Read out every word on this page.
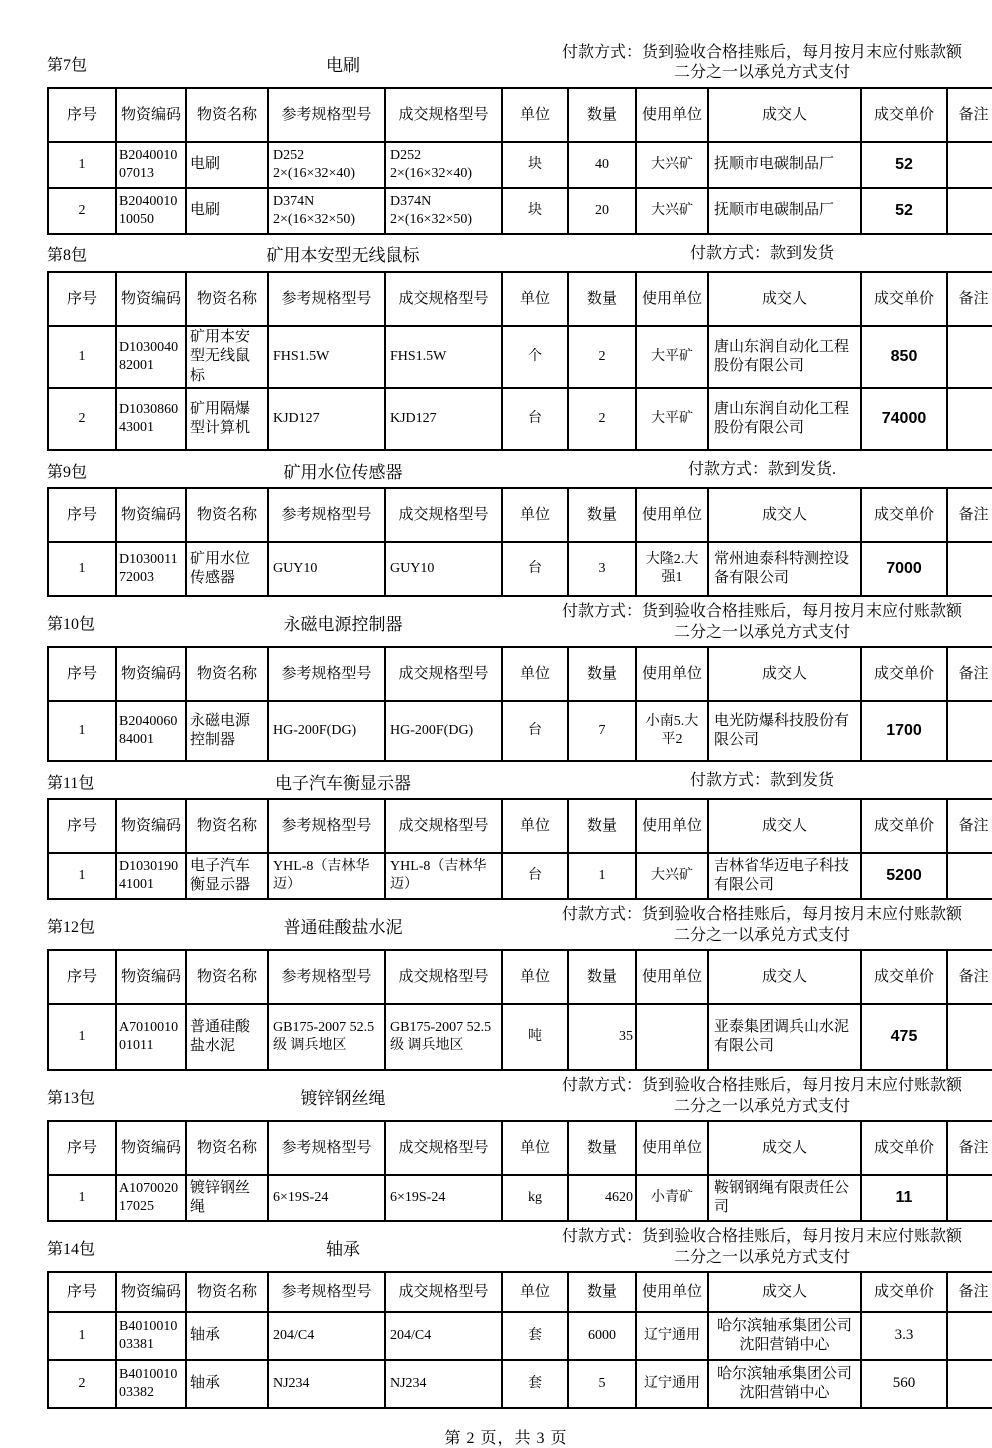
第7包	电刷
付款方式：货到验收合格挂账后，每月按月末应付账款额二分之一以承兑方式支付
序号	物资编码	物资名称	参考规格型号	成交规格型号	单位	数量	使用单位	成交人	成交单价	备注
1	B204001007013	电刷	D252 2×(16×32×40)	D252 2×(16×32×40)	块	40	大兴矿	抚顺市电碳制品厂	52	
2	B204001010050	电刷	D374N 2×(16×32×50)	D374N 2×(16×32×50)	块	20	大兴矿	抚顺市电碳制品厂	52	
第8包	矿用本安型无线鼠标	付款方式：款到发货
序号	物资编码	物资名称	参考规格型号	成交规格型号	单位	数量	使用单位	成交人	成交单价	备注
1	D103004082001	矿用本安型无线鼠标	FHS1.5W	FHS1.5W	个	2	大平矿	唐山东润自动化工程股份有限公司	850	
2	D103086043001	矿用隔爆型计算机	KJD127	KJD127	台	2	大平矿	唐山东润自动化工程股份有限公司	74000	
第9包	矿用水位传感器	付款方式：款到发货.
序号	物资编码	物资名称	参考规格型号	成交规格型号	单位	数量	使用单位	成交人	成交单价	备注
1	D103001172003	矿用水位传感器	GUY10	GUY10	台	3	大隆2.大强1	常州迪泰科特测控设备有限公司	7000	
第10包	永磁电源控制器
付款方式：货到验收合格挂账后，每月按月末应付账款额二分之一以承兑方式支付
序号	物资编码	物资名称	参考规格型号	成交规格型号	单位	数量	使用单位	成交人	成交单价	备注
1	B204006084001	永磁电源控制器	HG-200F(DG)	HG-200F(DG)	台	7	小南5.大平2	电光防爆科技股份有限公司	1700	
第11包	电子汽车衡显示器	付款方式：款到发货
序号	物资编码	物资名称	参考规格型号	成交规格型号	单位	数量	使用单位	成交人	成交单价	备注
1	D103019041001	电子汽车衡显示器	YHL-8（吉林华迈）	YHL-8（吉林华迈）	台	1	大兴矿	吉林省华迈电子科技有限公司	5200	
第12包	普通硅酸盐水泥
付款方式：货到验收合格挂账后，每月按月末应付账款额二分之一以承兑方式支付
序号	物资编码	物资名称	参考规格型号	成交规格型号	单位	数量	使用单位	成交人	成交单价	备注
1	A701001001011	普通硅酸盐水泥	GB175-2007 52.5级 调兵地区	GB175-2007 52.5级 调兵地区	吨	35		亚泰集团调兵山水泥有限公司	475	
第13包	镀锌钢丝绳
付款方式：货到验收合格挂账后，每月按月末应付账款额二分之一以承兑方式支付
序号	物资编码	物资名称	参考规格型号	成交规格型号	单位	数量	使用单位	成交人	成交单价	备注
1	A107002017025	镀锌钢丝绳	6×19S-24	6×19S-24	kg	4620	小青矿	鞍钢钢绳有限责任公司	11	
第14包	轴承
付款方式：货到验收合格挂账后，每月按月末应付账款额二分之一以承兑方式支付
序号	物资编码	物资名称	参考规格型号	成交规格型号	单位	数量	使用单位	成交人	成交单价	备注
1	B401001003381	轴承	204/C4	204/C4	套	6000	辽宁通用	哈尔滨轴承集团公司沈阳营销中心	3.3	
2	B401001003382	轴承	NJ234	NJ234	套	5	辽宁通用	哈尔滨轴承集团公司沈阳营销中心	560	
第 2 页，共 3 页
